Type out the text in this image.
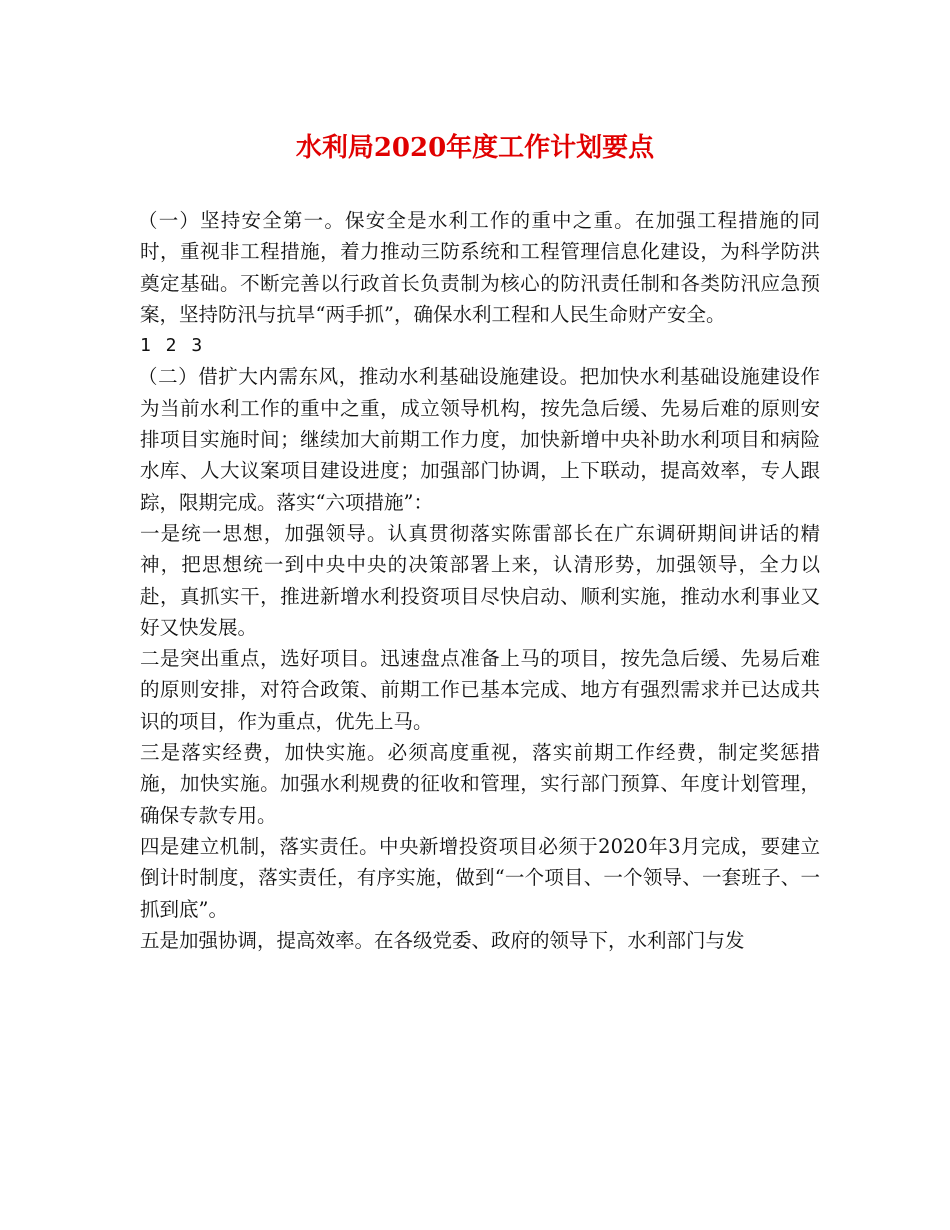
水利局2020年度工作计划要点

（一）坚持安全第一。保安全是水利工作的重中之重。在加强工程措施的同时，重视非工程措施，着力推动三防系统和工程管理信息化建设，为科学防洪奠定基础。不断完善以行政首长负责制为核心的防汛责任制和各类防汛应急预案，坚持防汛与抗旱“两手抓”，确保水利工程和人民生命财产安全。

1 2 3

（二）借扩大内需东风，推动水利基础设施建设。把加快水利基础设施建设作为当前水利工作的重中之重，成立领导机构，按先急后缓、先易后难的原则安排项目实施时间；继续加大前期工作力度，加快新增中央补助水利项目和病险水库、人大议案项目建设进度；加强部门协调，上下联动，提高效率，专人跟踪，限期完成。落实“六项措施”：

一是统一思想，加强领导。认真贯彻落实陈雷部长在广东调研期间讲话的精神，把思想统一到中央中央的决策部署上来，认清形势，加强领导，全力以赴，真抓实干，推进新增水利投资项目尽快启动、顺利实施，推动水利事业又好又快发展。

二是突出重点，选好项目。迅速盘点准备上马的项目，按先急后缓、先易后难的原则安排，对符合政策、前期工作已基本完成、地方有强烈需求并已达成共识的项目，作为重点，优先上马。

三是落实经费，加快实施。必须高度重视，落实前期工作经费，制定奖惩措施，加快实施。加强水利规费的征收和管理，实行部门预算、年度计划管理，确保专款专用。

四是建立机制，落实责任。中央新增投资项目必须于2020年3月完成，要建立倒计时制度，落实责任，有序实施，做到“一个项目、一个领导、一套班子、一抓到底”。

五是加强协调，提高效率。在各级党委、政府的领导下，水利部门与发
